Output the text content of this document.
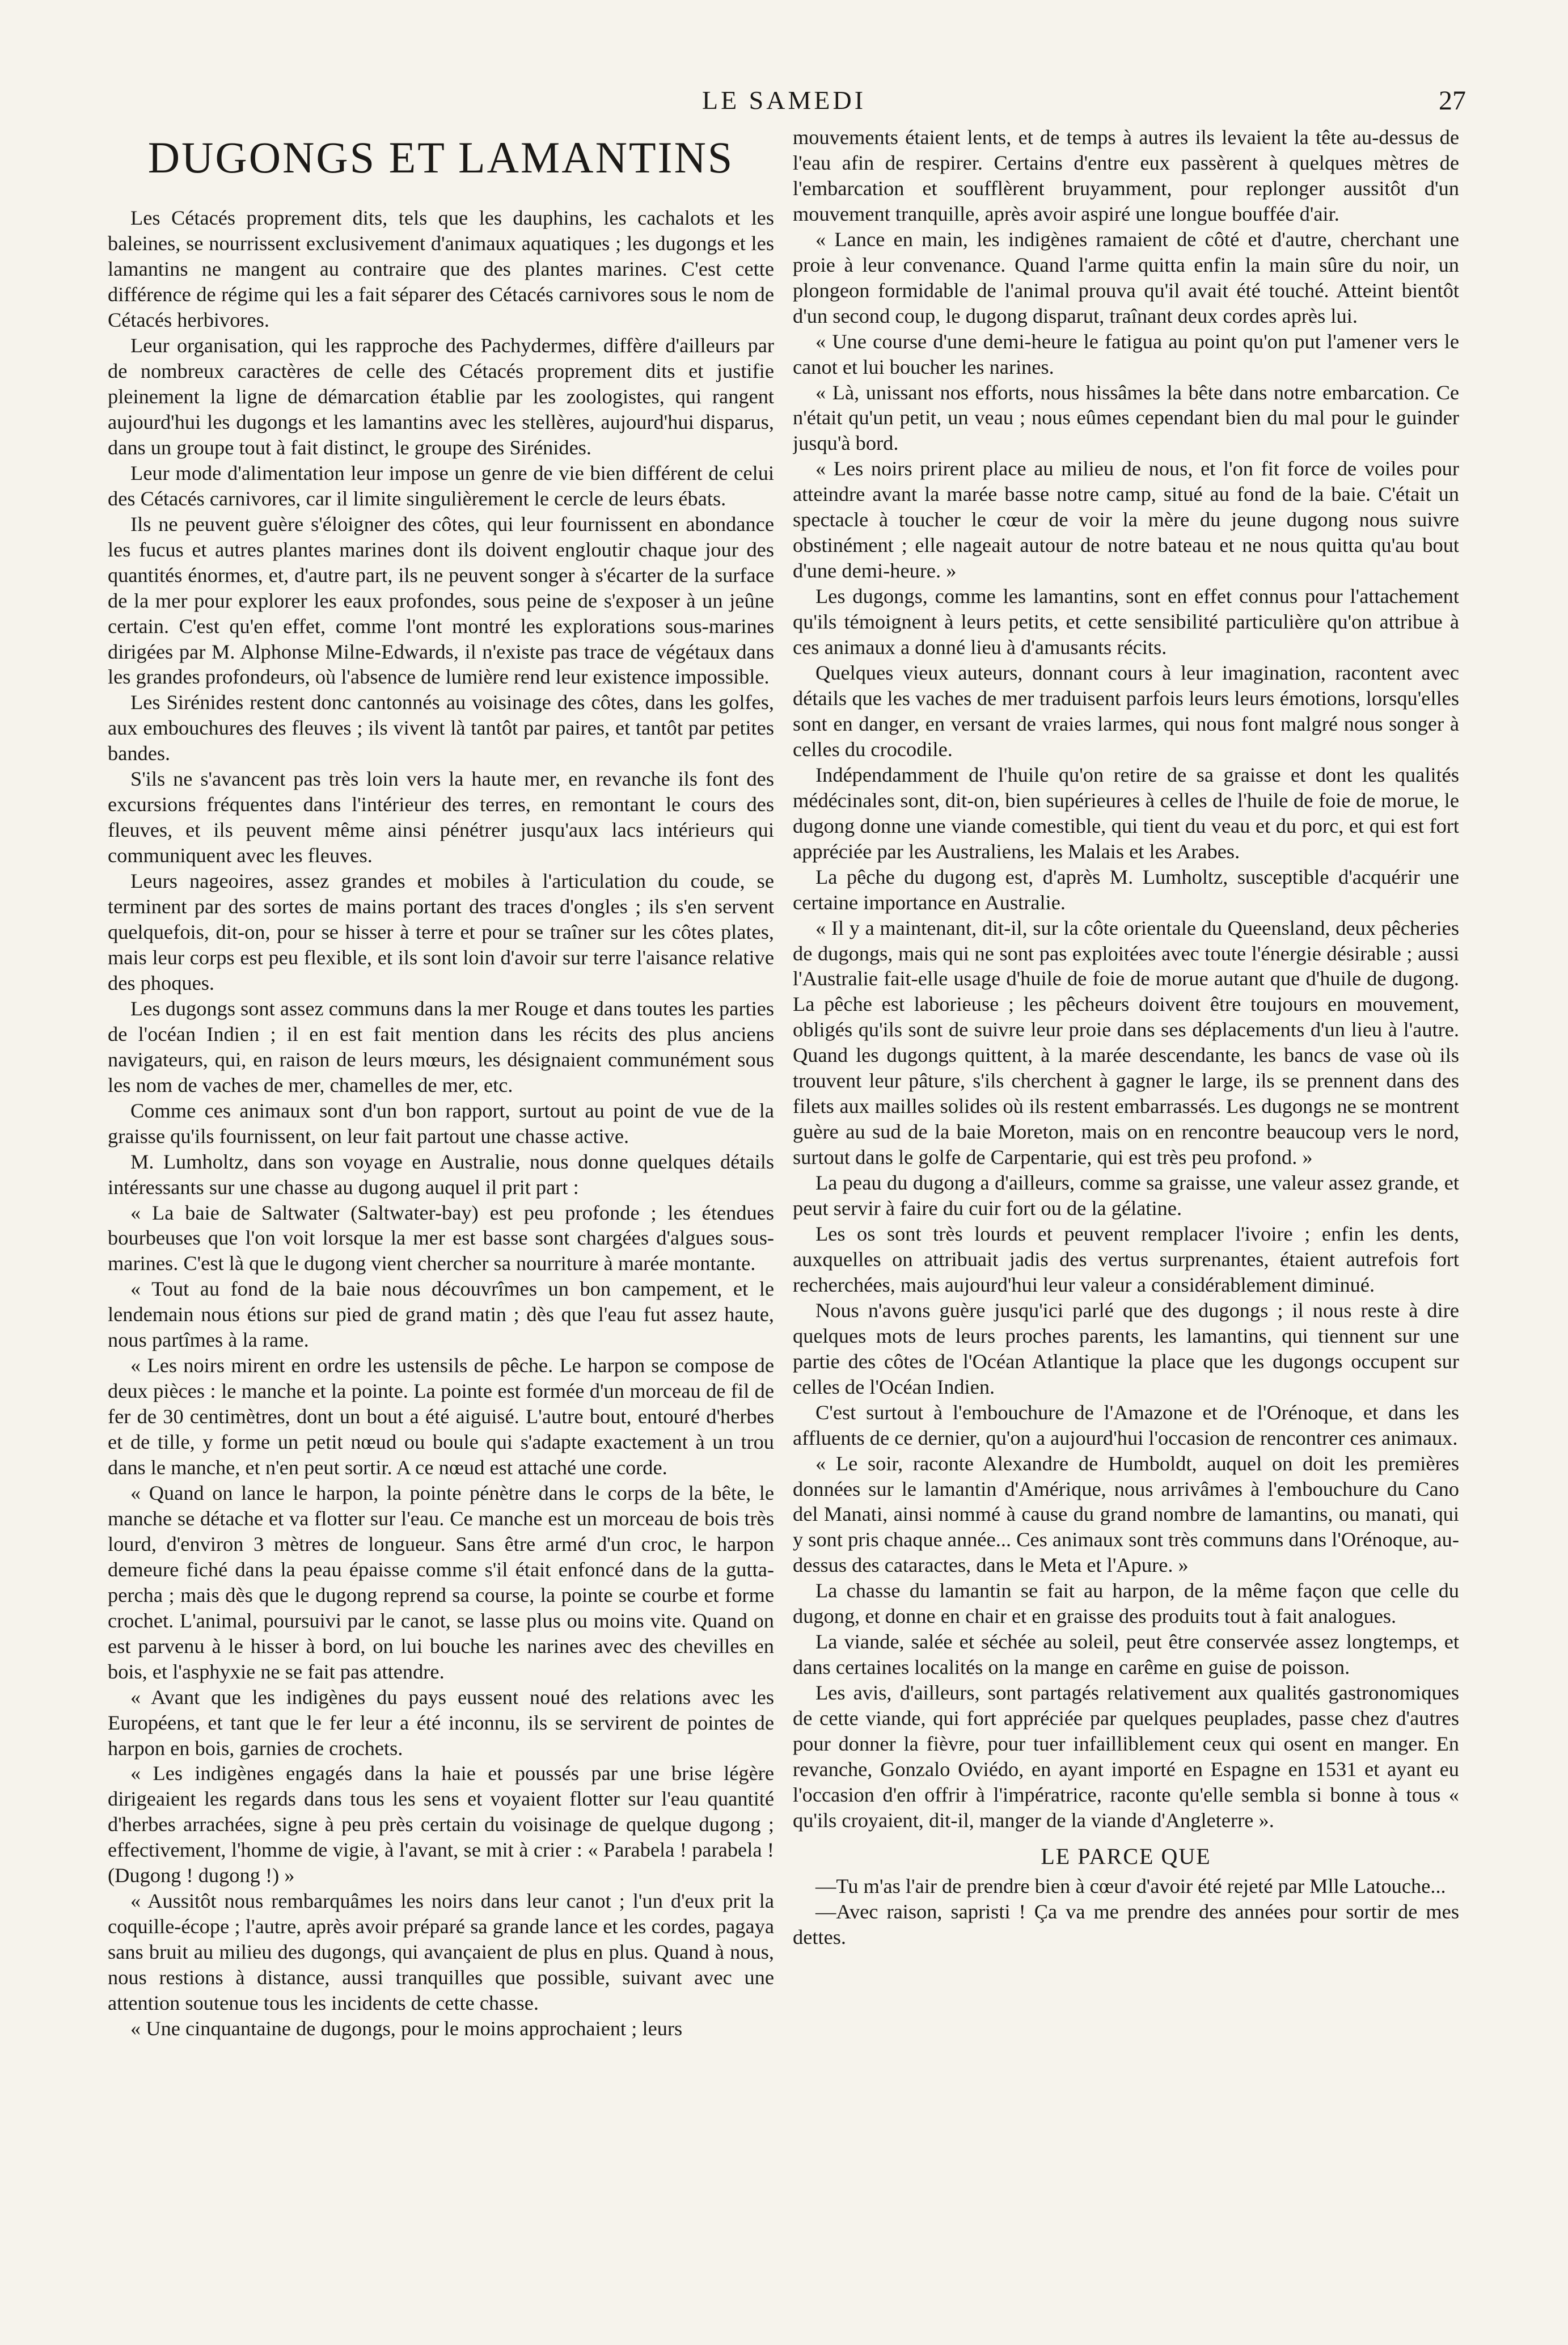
LE SAMEDI	27
DUGONGS ET LAMANTINS

Les Cétacés proprement dits, tels que les dauphins, les cachalots et les baleines, se nourrissent exclusivement d'animaux aquatiques ; les dugongs et les lamantins ne mangent au contraire que des plantes marines. C'est cette différence de régime qui les a fait séparer des Cétacés carnivores sous le nom de Cétacés herbivores.

Leur organisation, qui les rapproche des Pachydermes, diffère d'ailleurs par de nombreux caractères de celle des Cétacés proprement dits et justifie pleinement la ligne de démarcation établie par les zoologistes, qui rangent aujourd'hui les dugongs et les lamantins avec les stellères, aujourd'hui disparus, dans un groupe tout à fait distinct, le groupe des Sirénides.

Leur mode d'alimentation leur impose un genre de vie bien différent de celui des Cétacés carnivores, car il limite singulièrement le cercle de leurs ébats.

Ils ne peuvent guère s'éloigner des côtes, qui leur fournissent en abondance les fucus et autres plantes marines dont ils doivent engloutir chaque jour des quantités énormes, et, d'autre part, ils ne peuvent songer à s'écarter de la surface de la mer pour explorer les eaux profondes, sous peine de s'exposer à un jeûne certain. C'est qu'en effet, comme l'ont montré les explorations sous-marines dirigées par M. Alphonse Milne-Edwards, il n'existe pas trace de végétaux dans les grandes profondeurs, où l'absence de lumière rend leur existence impossible.

Les Sirénides restent donc cantonnés au voisinage des côtes, dans les golfes, aux embouchures des fleuves ; ils vivent là tantôt par paires, et tantôt par petites bandes.

S'ils ne s'avancent pas très loin vers la haute mer, en revanche ils font des excursions fréquentes dans l'intérieur des terres, en remontant le cours des fleuves, et ils peuvent même ainsi pénétrer jusqu'aux lacs intérieurs qui communiquent avec les fleuves.

Leurs nageoires, assez grandes et mobiles à l'articulation du coude, se terminent par des sortes de mains portant des traces d'ongles ; ils s'en servent quelquefois, dit-on, pour se hisser à terre et pour se traîner sur les côtes plates, mais leur corps est peu flexible, et ils sont loin d'avoir sur terre l'aisance relative des phoques.

Les dugongs sont assez communs dans la mer Rouge et dans toutes les parties de l'océan Indien ; il en est fait mention dans les récits des plus anciens navigateurs, qui, en raison de leurs mœurs, les désignaient communément sous les nom de vaches de mer, chamelles de mer, etc.

Comme ces animaux sont d'un bon rapport, surtout au point de vue de la graisse qu'ils fournissent, on leur fait partout une chasse active.

M. Lumholtz, dans son voyage en Australie, nous donne quelques détails intéressants sur une chasse au dugong auquel il prit part :

« La baie de Saltwater (Saltwater-bay) est peu profonde ; les étendues bourbeuses que l'on voit lorsque la mer est basse sont chargées d'algues sous-marines. C'est là que le dugong vient chercher sa nourriture à marée montante.

« Tout au fond de la baie nous découvrîmes un bon campement, et le lendemain nous étions sur pied de grand matin ; dès que l'eau fut assez haute, nous partîmes à la rame.

« Les noirs mirent en ordre les ustensils de pêche. Le harpon se compose de deux pièces : le manche et la pointe. La pointe est formée d'un morceau de fil de fer de 30 centimètres, dont un bout a été aiguisé. L'autre bout, entouré d'herbes et de tille, y forme un petit nœud ou boule qui s'adapte exactement à un trou dans le manche, et n'en peut sortir. A ce nœud est attaché une corde.

« Quand on lance le harpon, la pointe pénètre dans le corps de la bête, le manche se détache et va flotter sur l'eau. Ce manche est un morceau de bois très lourd, d'environ 3 mètres de longueur. Sans être armé d'un croc, le harpon demeure fiché dans la peau épaisse comme s'il était enfoncé dans de la gutta-percha ; mais dès que le dugong reprend sa course, la pointe se courbe et forme crochet. L'animal, poursuivi par le canot, se lasse plus ou moins vite. Quand on est parvenu à le hisser à bord, on lui bouche les narines avec des chevilles en bois, et l'asphyxie ne se fait pas attendre.

« Avant que les indigènes du pays eussent noué des relations avec les Européens, et tant que le fer leur a été inconnu, ils se servirent de pointes de harpon en bois, garnies de crochets.

« Les indigènes engagés dans la haie et poussés par une brise légère dirigeaient les regards dans tous les sens et voyaient flotter sur l'eau quantité d'herbes arrachées, signe à peu près certain du voisinage de quelque dugong ; effectivement, l'homme de vigie, à l'avant, se mit à crier : « Parabela ! parabela ! (Dugong ! dugong !) »

« Aussitôt nous rembarquâmes les noirs dans leur canot ; l'un d'eux prit la coquille-écope ; l'autre, après avoir préparé sa grande lance et les cordes, pagaya sans bruit au milieu des dugongs, qui avançaient de plus en plus. Quand à nous, nous restions à distance, aussi tranquilles que possible, suivant avec une attention soutenue tous les incidents de cette chasse.

« Une cinquantaine de dugongs, pour le moins approchaient ; leurs

mouvements étaient lents, et de temps à autres ils levaient la tête au-dessus de l'eau afin de respirer. Certains d'entre eux passèrent à quelques mètres de l'embarcation et soufflèrent bruyamment, pour replonger aussitôt d'un mouvement tranquille, après avoir aspiré une longue bouffée d'air.

« Lance en main, les indigènes ramaient de côté et d'autre, cherchant une proie à leur convenance. Quand l'arme quitta enfin la main sûre du noir, un plongeon formidable de l'animal prouva qu'il avait été touché. Atteint bientôt d'un second coup, le dugong disparut, traînant deux cordes après lui.

« Une course d'une demi-heure le fatigua au point qu'on put l'amener vers le canot et lui boucher les narines.

« Là, unissant nos efforts, nous hissâmes la bête dans notre embarcation. Ce n'était qu'un petit, un veau ; nous eûmes cependant bien du mal pour le guinder jusqu'à bord.

« Les noirs prirent place au milieu de nous, et l'on fit force de voiles pour atteindre avant la marée basse notre camp, situé au fond de la baie. C'était un spectacle à toucher le cœur de voir la mère du jeune dugong nous suivre obstinément ; elle nageait autour de notre bateau et ne nous quitta qu'au bout d'une demi-heure. »

Les dugongs, comme les lamantins, sont en effet connus pour l'attachement qu'ils témoignent à leurs petits, et cette sensibilité particulière qu'on attribue à ces animaux a donné lieu à d'amusants récits.

Quelques vieux auteurs, donnant cours à leur imagination, racontent avec détails que les vaches de mer traduisent parfois leurs leurs émotions, lorsqu'elles sont en danger, en versant de vraies larmes, qui nous font malgré nous songer à celles du crocodile.

Indépendamment de l'huile qu'on retire de sa graisse et dont les qualités médécinales sont, dit-on, bien supérieures à celles de l'huile de foie de morue, le dugong donne une viande comestible, qui tient du veau et du porc, et qui est fort appréciée par les Australiens, les Malais et les Arabes.

La pêche du dugong est, d'après M. Lumholtz, susceptible d'acquérir une certaine importance en Australie.

« Il y a maintenant, dit-il, sur la côte orientale du Queensland, deux pêcheries de dugongs, mais qui ne sont pas exploitées avec toute l'énergie désirable ; aussi l'Australie fait-elle usage d'huile de foie de morue autant que d'huile de dugong. La pêche est laborieuse ; les pêcheurs doivent être toujours en mouvement, obligés qu'ils sont de suivre leur proie dans ses déplacements d'un lieu à l'autre. Quand les dugongs quittent, à la marée descendante, les bancs de vase où ils trouvent leur pâture, s'ils cherchent à gagner le large, ils se prennent dans des filets aux mailles solides où ils restent embarrassés. Les dugongs ne se montrent guère au sud de la baie Moreton, mais on en rencontre beaucoup vers le nord, surtout dans le golfe de Carpentarie, qui est très peu profond. »

La peau du dugong a d'ailleurs, comme sa graisse, une valeur assez grande, et peut servir à faire du cuir fort ou de la gélatine.

Les os sont très lourds et peuvent remplacer l'ivoire ; enfin les dents, auxquelles on attribuait jadis des vertus surprenantes, étaient autrefois fort recherchées, mais aujourd'hui leur valeur a considérablement diminué.

Nous n'avons guère jusqu'ici parlé que des dugongs ; il nous reste à dire quelques mots de leurs proches parents, les lamantins, qui tiennent sur une partie des côtes de l'Océan Atlantique la place que les dugongs occupent sur celles de l'Océan Indien.

C'est surtout à l'embouchure de l'Amazone et de l'Orénoque, et dans les affluents de ce dernier, qu'on a aujourd'hui l'occasion de rencontrer ces animaux.

« Le soir, raconte Alexandre de Humboldt, auquel on doit les premières données sur le lamantin d'Amérique, nous arrivâmes à l'embouchure du Cano del Manati, ainsi nommé à cause du grand nombre de lamantins, ou manati, qui y sont pris chaque année... Ces animaux sont très communs dans l'Orénoque, au-dessus des cataractes, dans le Meta et l'Apure. »

La chasse du lamantin se fait au harpon, de la même façon que celle du dugong, et donne en chair et en graisse des produits tout à fait analogues.

La viande, salée et séchée au soleil, peut être conservée assez longtemps, et dans certaines localités on la mange en carême en guise de poisson.

Les avis, d'ailleurs, sont partagés relativement aux qualités gastronomiques de cette viande, qui fort appréciée par quelques peuplades, passe chez d'autres pour donner la fièvre, pour tuer infailliblement ceux qui osent en manger. En revanche, Gonzalo Oviédo, en ayant importé en Espagne en 1531 et ayant eu l'occasion d'en offrir à l'impératrice, raconte qu'elle sembla si bonne à tous « qu'ils croyaient, dit-il, manger de la viande d'Angleterre ».

LE PARCE QUE

—Tu m'as l'air de prendre bien à cœur d'avoir été rejeté par Mlle Latouche...

—Avec raison, sapristi ! Ça va me prendre des années pour sortir de mes dettes.
